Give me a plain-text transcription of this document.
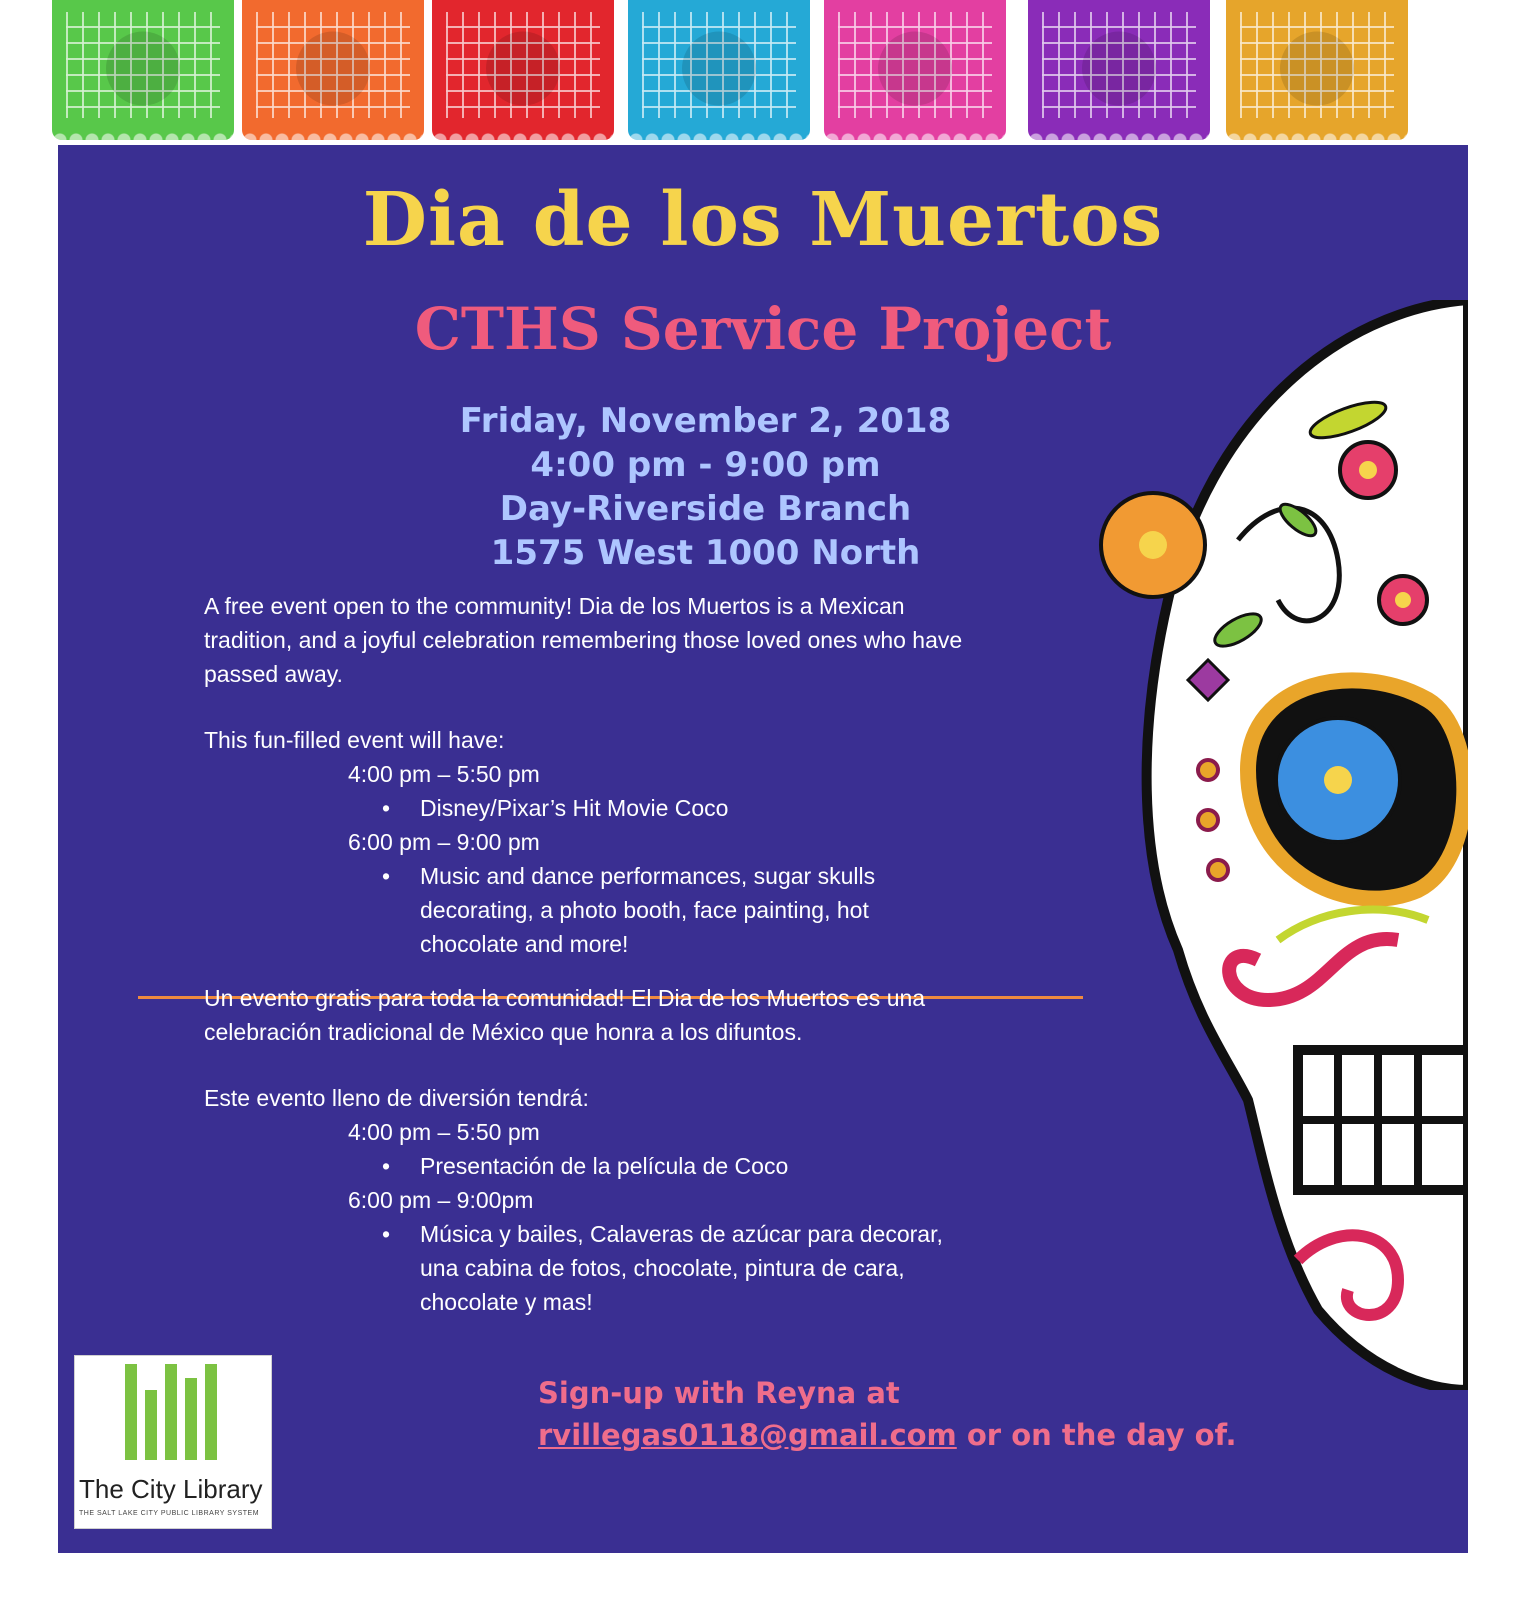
Dia de los Muertos
CTHS Service Project
Friday, November 2, 2018
4:00 pm - 9:00 pm
Day-Riverside Branch
1575 West 1000 North

A free event open to the community! Dia de los Muertos is a Mexican tradition, and a joyful celebration remembering those loved ones who have passed away.

This fun-filled event will have:

4:00 pm – 5:50 pm

• Disney/Pixar’s Hit Movie Coco

6:00 pm – 9:00 pm

• Music and dance performances, sugar skulls decorating, a photo booth, face painting, hot chocolate and more!

Un evento gratis para toda la comunidad! El Dia de los Muertos es una celebración tradicional de México que honra a los difuntos.

Este evento lleno de diversión tendrá:

4:00 pm – 5:50 pm

• Presentación de la película de Coco

6:00 pm – 9:00pm

• Música y bailes, Calaveras de azúcar para decorar, una cabina de fotos, chocolate, pintura de cara, chocolate y mas!

The City Library
THE SALT LAKE CITY PUBLIC LIBRARY SYSTEM
Sign-up with Reyna at
rvillegas0118@gmail.com or on the day of.
